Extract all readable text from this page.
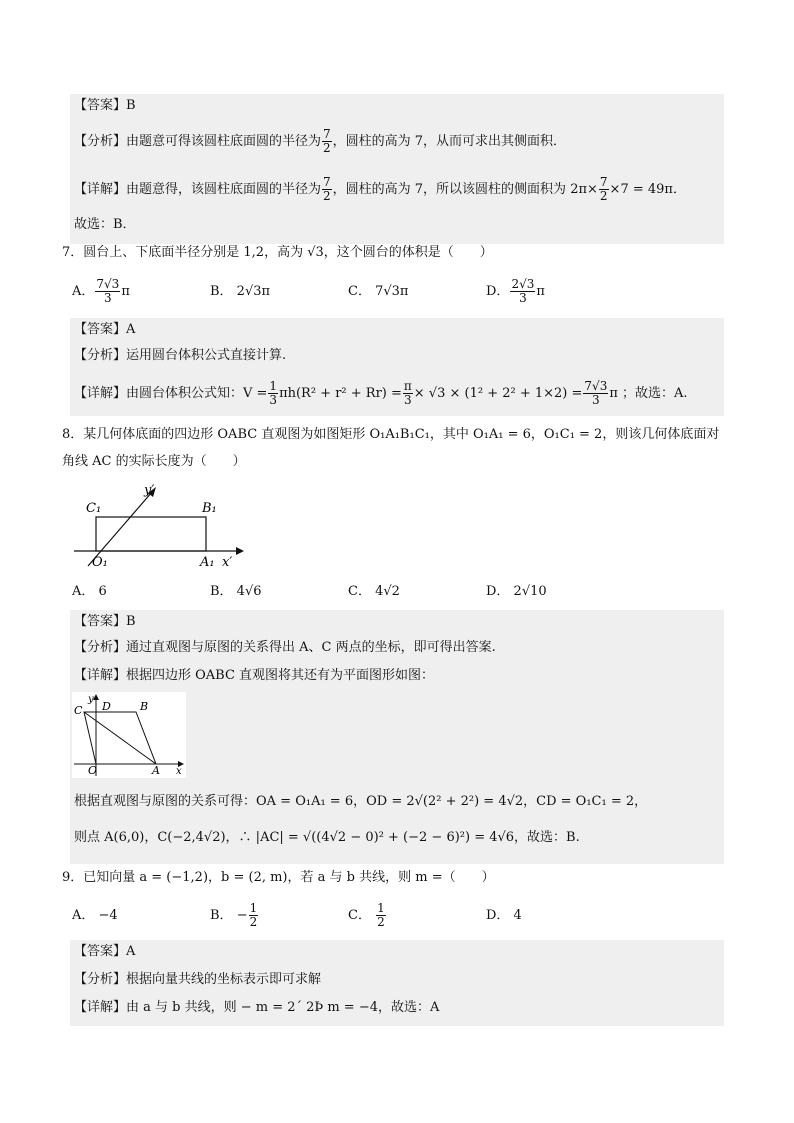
【答案】B
【分析】由题意可得该圆柱底面圆的半径为 $\frac{7}{2}$ ，圆柱的高为 7，从而可求出其侧面积．
【详解】由题意得，该圆柱底面圆的半径为 $\frac{7}{2}$ ，圆柱的高为 7，所以该圆柱的侧面积为 $2\pi\times \frac{7}{2} \times 7 = 49\pi$．
故选：B．
7．圆台上、下底面半径分别是 1,2，高为 √3，这个圆台的体积是（　　）
A． $\frac{7√3}{3}$ π	B． 2√3π	C． 7√3π	D． $\frac{2√3}{3}$ π
【答案】A
【分析】运用圆台体积公式直接计算.
【详解】由圆台体积公式知：$V = \frac{1}{3} \pi h(R^2 + r^2 + Rr) = \frac{\pi}{3} \times √3 \times (1^2 + 2^2 + 1\times 2) = \frac{7√3}{3}$ π ；故选：A.
8．某几何体底面的四边形 OABC 直观图为如图矩形 O₁A₁B₁C₁，其中 O₁A₁ = 6，O₁C₁ = 2，则该几何体底面对
角线 AC 的实际长度为（　　）
C₁	B₁
O₁	A₁ x′
y′
A． 6	B． 4√6	C． 4√2	D． 2√10
【答案】B
【分析】通过直观图与原图的关系得出 A、C 两点的坐标，即可得出答案.
【详解】根据四边形 OABC 直观图将其还有为平面图形如图：
y
C D	B
O	A x
根据直观图与原图的关系可得：OA = O₁A₁ = 6，OD = 2√(2² + 2²) = 4√2，CD = O₁C₁ = 2，
则点 A(6,0)，C(−2,4√2)，∴ |AC| = √((4√2 − 0)² + (−2 − 6)²) = 4√6，故选：B.
9．已知向量 a = (−1,2)，b = (2, m)，若 a 与 b 共线，则 m =（　　）
A． −4	B． − $\frac{1}{2}$	C． $\frac{1}{2}$	D． 4
【答案】A
【分析】根据向量共线的坐标表示即可求解
【详解】由 a 与 b 共线，则 − m = 2´ 2Þ m = −4，故选：A
